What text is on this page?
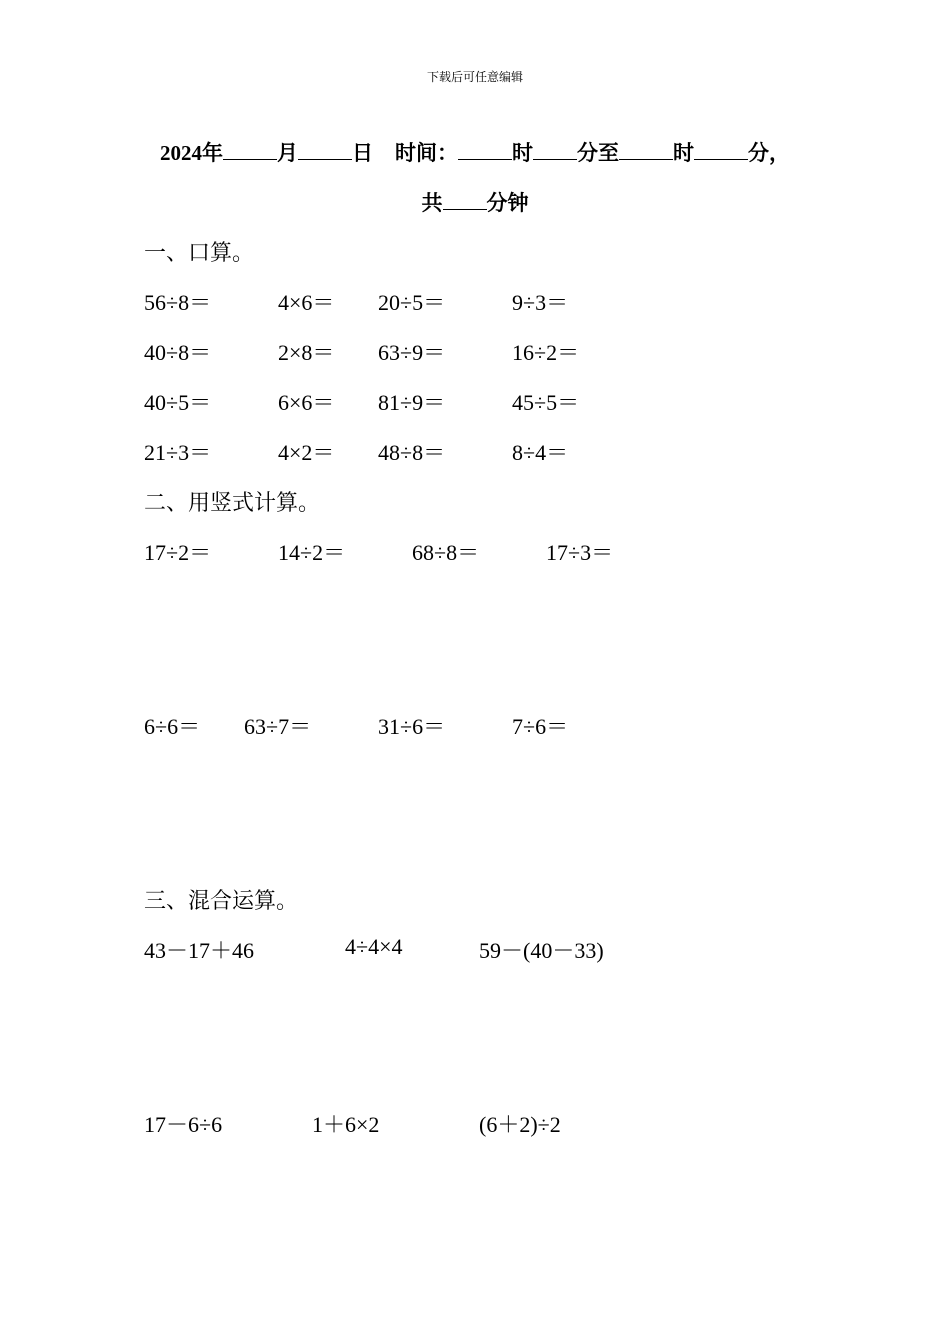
下载后可任意编辑
2024年	月	日 时间：	时 分至	时	分，
共 分钟
一、口算。
56÷8＝	4×6＝ 20÷5＝	9÷3＝
40÷8＝	2×8＝ 63÷9＝	16÷2＝
40÷5＝	6×6＝ 81÷9＝	45÷5＝
21÷3＝	4×2＝ 48÷8＝	8÷4＝
二、用竖式计算。
17÷2＝	14÷2＝	68÷8＝	17÷3＝
6÷6＝ 63÷7＝	31÷6＝	7÷6＝
三、混合运算。
43－17＋46	4÷4×4	59－(40－33)
17－6÷6	1＋6×2	(6＋2)÷2
